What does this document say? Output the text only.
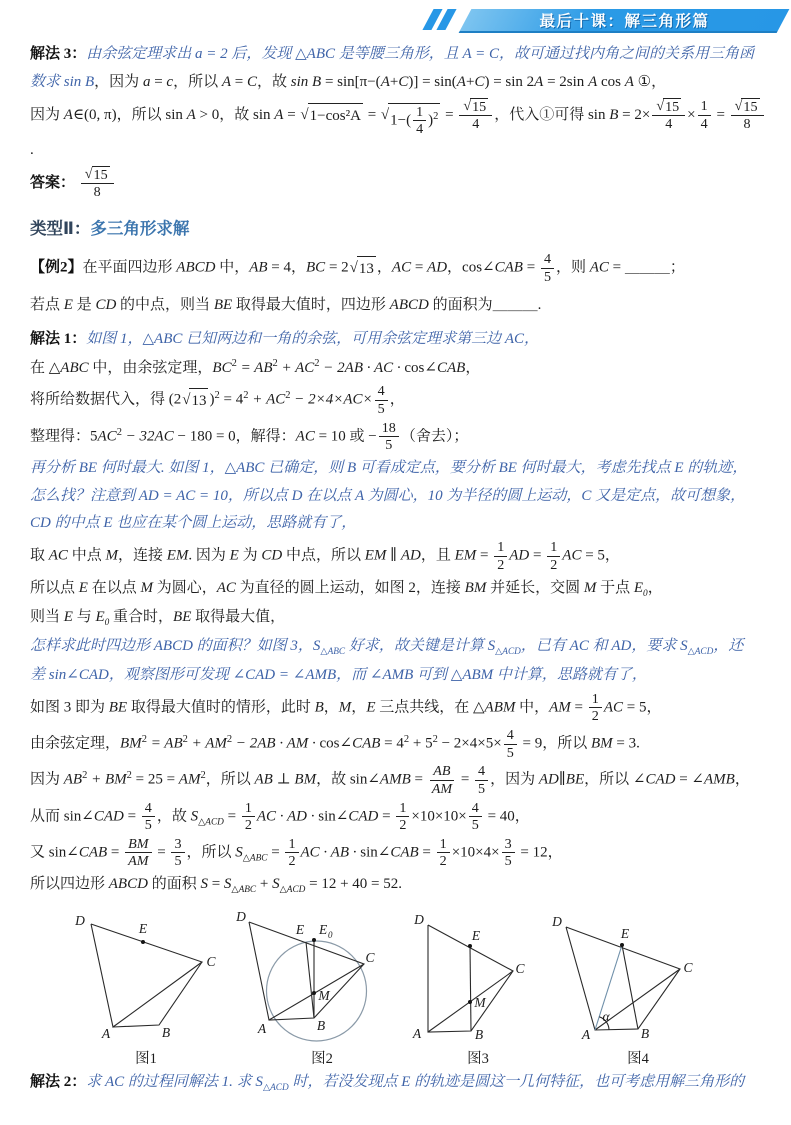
最后十课：解三角形篇
解法 3：由余弦定理求出 a = 2 后，发现 △ABC 是等腰三角形，且 A = C，故可通过找内角之间的关系用三角函
数求 sin B，因为 a = c，所以 A = C，故 sin B = sin[π−(A+C)] = sin(A+C) = sin 2A = 2sin A cos A ①，
因为 A∈(0, π)，所以 sin A > 0，故 sin A = √ 1−cos²A = √ $1-( \frac{1}{4} )^2 = \frac{√ 15}{4}$ ，代入①可得 $\sin B = 2\times \frac{√ 15}{4} \times \frac{1}{4} = \frac{√ 15}{8}$
.
答案： $\frac{√ 15}{8}$
类型Ⅱ：多三角形求解
【例2】在平面四边形 ABCD 中，AB = 4，BC = 2 √ 13 ，AC = AD，cos∠CAB = $\frac{4}{5}$ ，则 AC = ＿＿＿；
若点 E 是 CD 的中点，则当 BE 取得最大值时，四边形 ABCD 的面积为＿＿＿.
解法 1：如图 1，△ABC 已知两边和一角的余弦，可用余弦定理求第三边 AC，
在 △ABC 中，由余弦定理，$BC^2 = AB^2 + AC^2 - 2AB$ · AC · cos∠CAB，
将所给数据代入，得 (2 √ 13 )$^2 = 4^2 + AC^2 - 2\times 4\times AC\times \frac{4}{5}$ ，
整理得：$5AC^2 - 32AC - 180 = 0$，解得：AC = 10 或 − $\frac{18}{5}$ （舍去）；
再分析 BE 何时最大. 如图 1，△ABC 已确定，则 B 可看成定点，要分析 BE 何时最大，考虑先找点 E 的轨迹，
怎么找？注意到 AD = AC = 10，所以点 D 在以点 A 为圆心，10 为半径的圆上运动，C 又是定点，故可想象，
CD 的中点 E 也应在某个圆上运动，思路就有了，
取 AC 中点 M，连接 EM. 因为 E 为 CD 中点，所以 EM ∥ AD，且 EM = $\frac{1}{2}$ AD = $\frac{1}{2}$ AC = 5，
所以点 E 在以点 M 为圆心，AC 为直径的圆上运动，如图 2，连接 BM 并延长，交圆 M 于点 $E_0$，
则当 E 与 $E_0$ 重合时，BE 取得最大值，
怎样求此时四边形 ABCD 的面积？如图 3，$S_{\triangle ABC}$ 好求，故关键是计算 $S_{\triangle ACD}$，已有 AC 和 AD，要求 $S_{\triangle ACD}$，还
差 sin∠CAD，观察图形可发现 ∠CAD = ∠AMB，而 ∠AMB 可到 △ABM 中计算，思路就有了，
如图 3 即为 BE 取得最大值时的情形，此时 B，M，E 三点共线，在 △ABM 中，AM = $\frac{1}{2}$ AC = 5，
由余弦定理，$BM^2 = AB^2 + AM^2 - 2AB$ · AM · cos∠CAB = $4^2 + 5^2 - 2\times 4\times 5\times \frac{4}{5} = 9$，所以 BM = 3.
因为 $AB^2 + BM^2 = 25 = AM^2$，所以 AB ⊥ BM，故 sin∠AMB = $\frac{AB}{AM} = \frac{4}{5}$ ，因为 AD∥BE，所以 ∠CAD = ∠AMB，
从而 sin∠CAD = $\frac{4}{5}$ ，故 $S_{\triangle ACD} = \frac{1}{2}$ AC · AD · sin∠CAD = $\frac{1}{2} \times 10\times 10\times \frac{4}{5} = 40$，
又 sin∠CAB = $\frac{BM}{AM} = \frac{3}{5}$ ，所以 $S_{\triangle ABC} = \frac{1}{2}$ AC · AB · sin∠CAB = $\frac{1}{2} \times 10\times 4\times \frac{3}{5} = 12$，
所以四边形 ABCD 的面积 $S = S_{\triangle ABC} + S_{\triangle ACD} = 12 + 40 = 52$.
D
E
C
A	B
图1
D
E E 0
C
M
A	B
图2
D
E
C
M
A	B
图3
D
E
C
α
A	B
图4
解法 2：求 AC 的过程同解法 1. 求 $S_{\triangle ACD}$ 时，若没发现点 E 的轨迹是圆这一几何特征，也可考虑用解三角形的
